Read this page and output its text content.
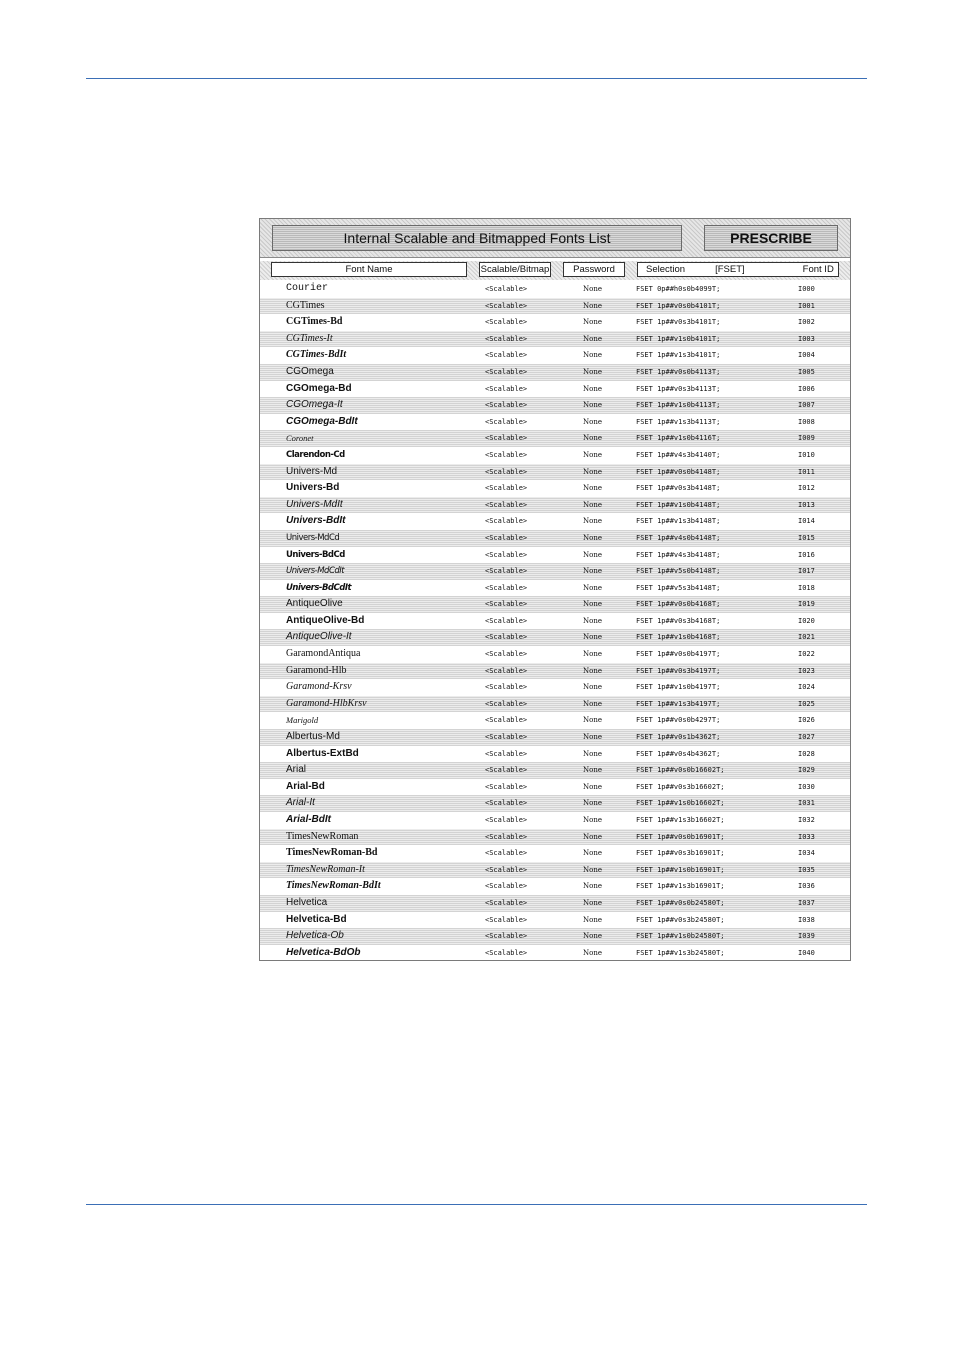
Internal Scalable and Bitmapped Fonts List	PRESCRIBE
Font Name	Scalable/Bitmap	Password	Selection	[FSET]	Font ID
Courier	<Scalable>	None	FSET 0p##h0s0b4099T;	I000
CGTimes	<Scalable>	None	FSET 1p##v0s0b4101T;	I001
CGTimes-Bd	<Scalable>	None	FSET 1p##v0s3b4101T;	I002
CGTimes-It	<Scalable>	None	FSET 1p##v1s0b4101T;	I003
CGTimes-BdIt	<Scalable>	None	FSET 1p##v1s3b4101T;	I004
CGOmega	<Scalable>	None	FSET 1p##v0s0b4113T;	I005
CGOmega-Bd	<Scalable>	None	FSET 1p##v0s3b4113T;	I006
CGOmega-It	<Scalable>	None	FSET 1p##v1s0b4113T;	I007
CGOmega-BdIt	<Scalable>	None	FSET 1p##v1s3b4113T;	I008
Coronet	<Scalable>	None	FSET 1p##v1s0b4116T;	I009
Clarendon-Cd	<Scalable>	None	FSET 1p##v4s3b4140T;	I010
Univers-Md	<Scalable>	None	FSET 1p##v0s0b4148T;	I011
Univers-Bd	<Scalable>	None	FSET 1p##v0s3b4148T;	I012
Univers-MdIt	<Scalable>	None	FSET 1p##v1s0b4148T;	I013
Univers-BdIt	<Scalable>	None	FSET 1p##v1s3b4148T;	I014
Univers-MdCd	<Scalable>	None	FSET 1p##v4s0b4148T;	I015
Univers-BdCd	<Scalable>	None	FSET 1p##v4s3b4148T;	I016
Univers-MdCdIt	<Scalable>	None	FSET 1p##v5s0b4148T;	I017
Univers-BdCdIt	<Scalable>	None	FSET 1p##v5s3b4148T;	I018
AntiqueOlive	<Scalable>	None	FSET 1p##v0s0b4168T;	I019
AntiqueOlive-Bd	<Scalable>	None	FSET 1p##v0s3b4168T;	I020
AntiqueOlive-It	<Scalable>	None	FSET 1p##v1s0b4168T;	I021
GaramondAntiqua	<Scalable>	None	FSET 1p##v0s0b4197T;	I022
Garamond-Hlb	<Scalable>	None	FSET 1p##v0s3b4197T;	I023
Garamond-Krsv	<Scalable>	None	FSET 1p##v1s0b4197T;	I024
Garamond-HlbKrsv	<Scalable>	None	FSET 1p##v1s3b4197T;	I025
Marigold	<Scalable>	None	FSET 1p##v0s0b4297T;	I026
Albertus-Md	<Scalable>	None	FSET 1p##v0s1b4362T;	I027
Albertus-ExtBd	<Scalable>	None	FSET 1p##v0s4b4362T;	I028
Arial	<Scalable>	None	FSET 1p##v0s0b16602T;	I029
Arial-Bd	<Scalable>	None	FSET 1p##v0s3b16602T;	I030
Arial-It	<Scalable>	None	FSET 1p##v1s0b16602T;	I031
Arial-BdIt	<Scalable>	None	FSET 1p##v1s3b16602T;	I032
TimesNewRoman	<Scalable>	None	FSET 1p##v0s0b16901T;	I033
TimesNewRoman-Bd	<Scalable>	None	FSET 1p##v0s3b16901T;	I034
TimesNewRoman-It	<Scalable>	None	FSET 1p##v1s0b16901T;	I035
TimesNewRoman-BdIt	<Scalable>	None	FSET 1p##v1s3b16901T;	I036
Helvetica	<Scalable>	None	FSET 1p##v0s0b24580T;	I037
Helvetica-Bd	<Scalable>	None	FSET 1p##v0s3b24580T;	I038
Helvetica-Ob	<Scalable>	None	FSET 1p##v1s0b24580T;	I039
Helvetica-BdOb	<Scalable>	None	FSET 1p##v1s3b24580T;	I040
